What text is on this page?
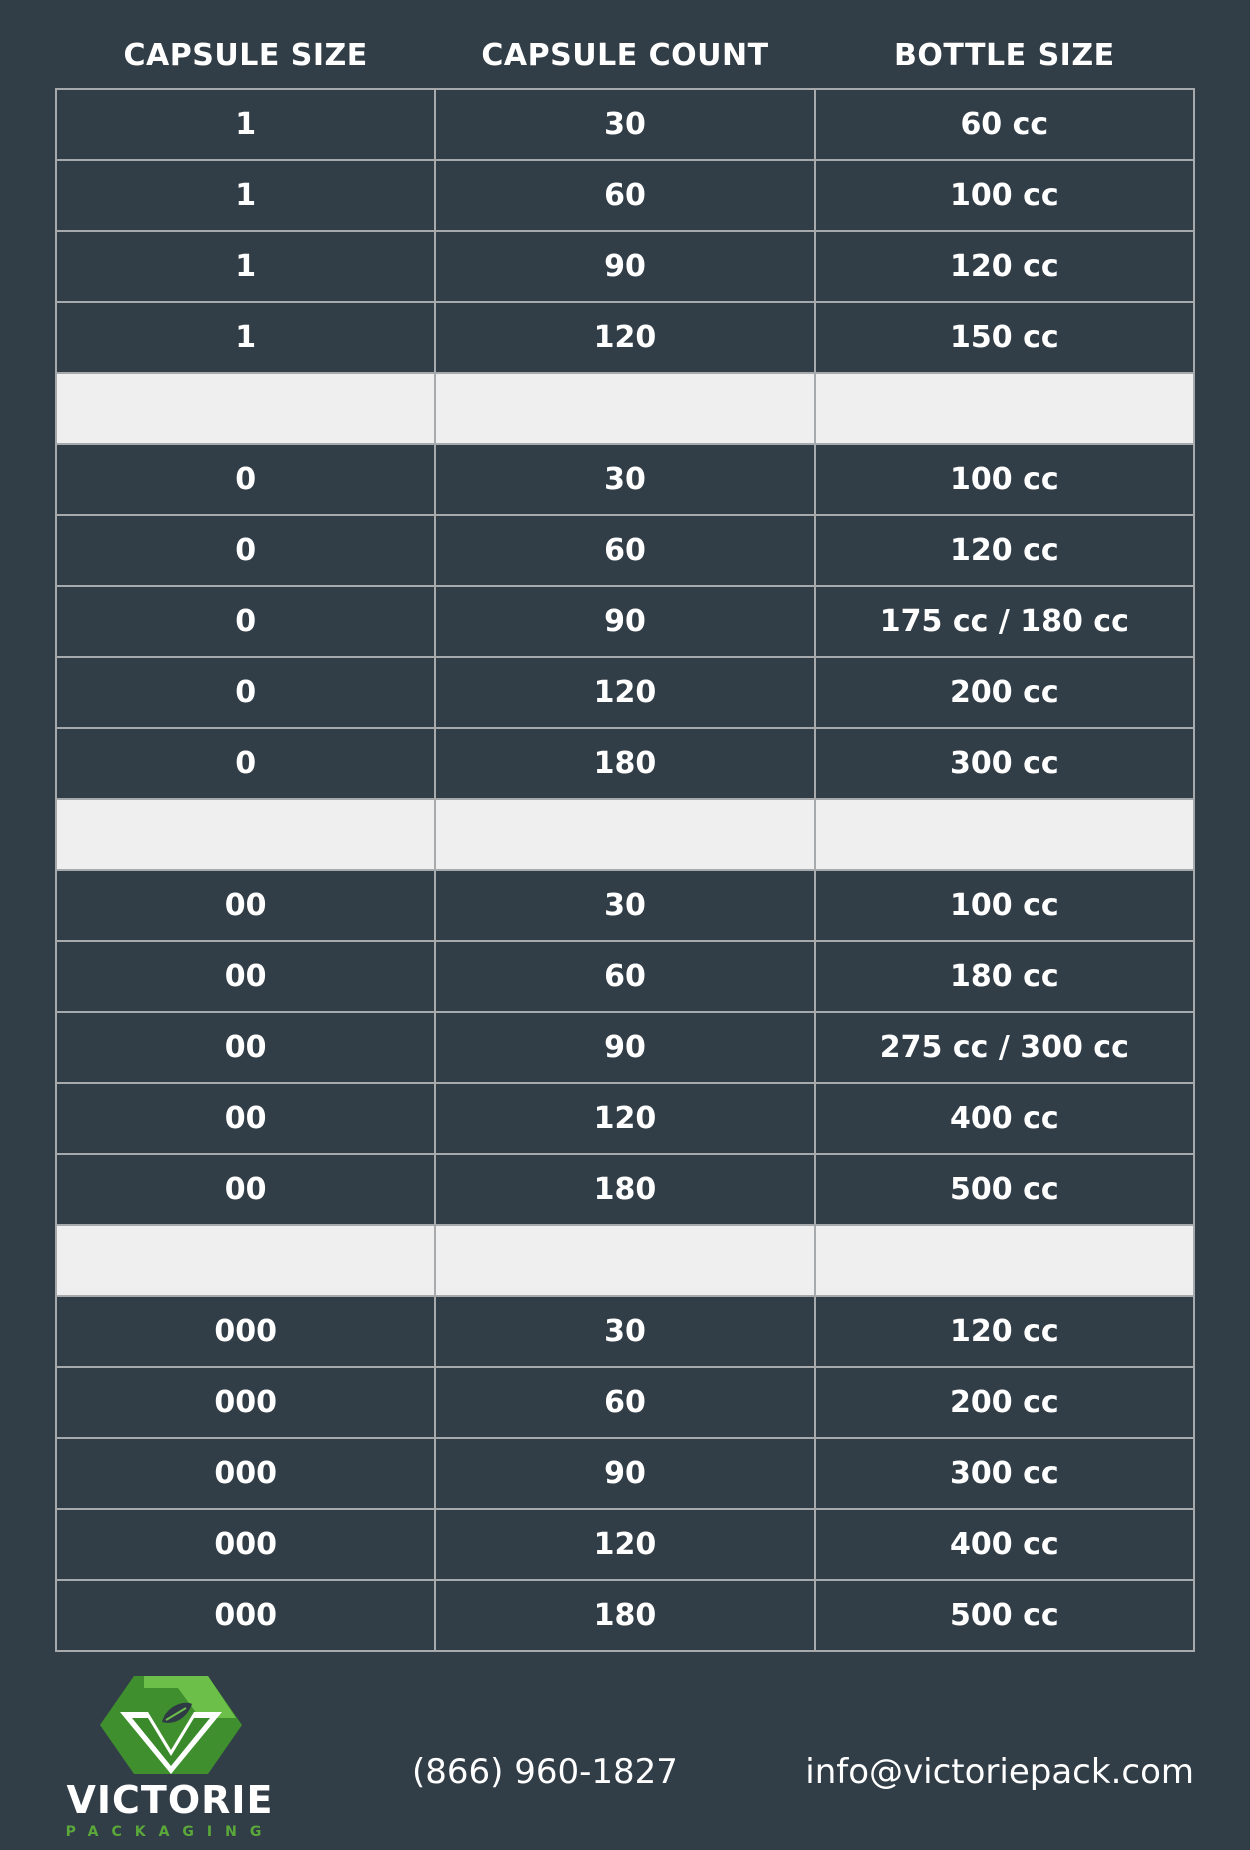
CAPSULE SIZE	CAPSULE COUNT	BOTTLE SIZE
1	30	60 cc
1	60	100 cc
1	90	120 cc
1	120	150 cc
0	30	100 cc
0	60	120 cc
0	90	175 cc / 180 cc
0	120	200 cc
0	180	300 cc
00	30	100 cc
00	60	180 cc
00	90	275 cc / 300 cc
00	120	400 cc
00	180	500 cc
000	30	120 cc
000	60	200 cc
000	90	300 cc
000	120	400 cc
000	180	500 cc
VICTORIE
PACKAGING
(866) 960-1827	info@victoriepack.com
